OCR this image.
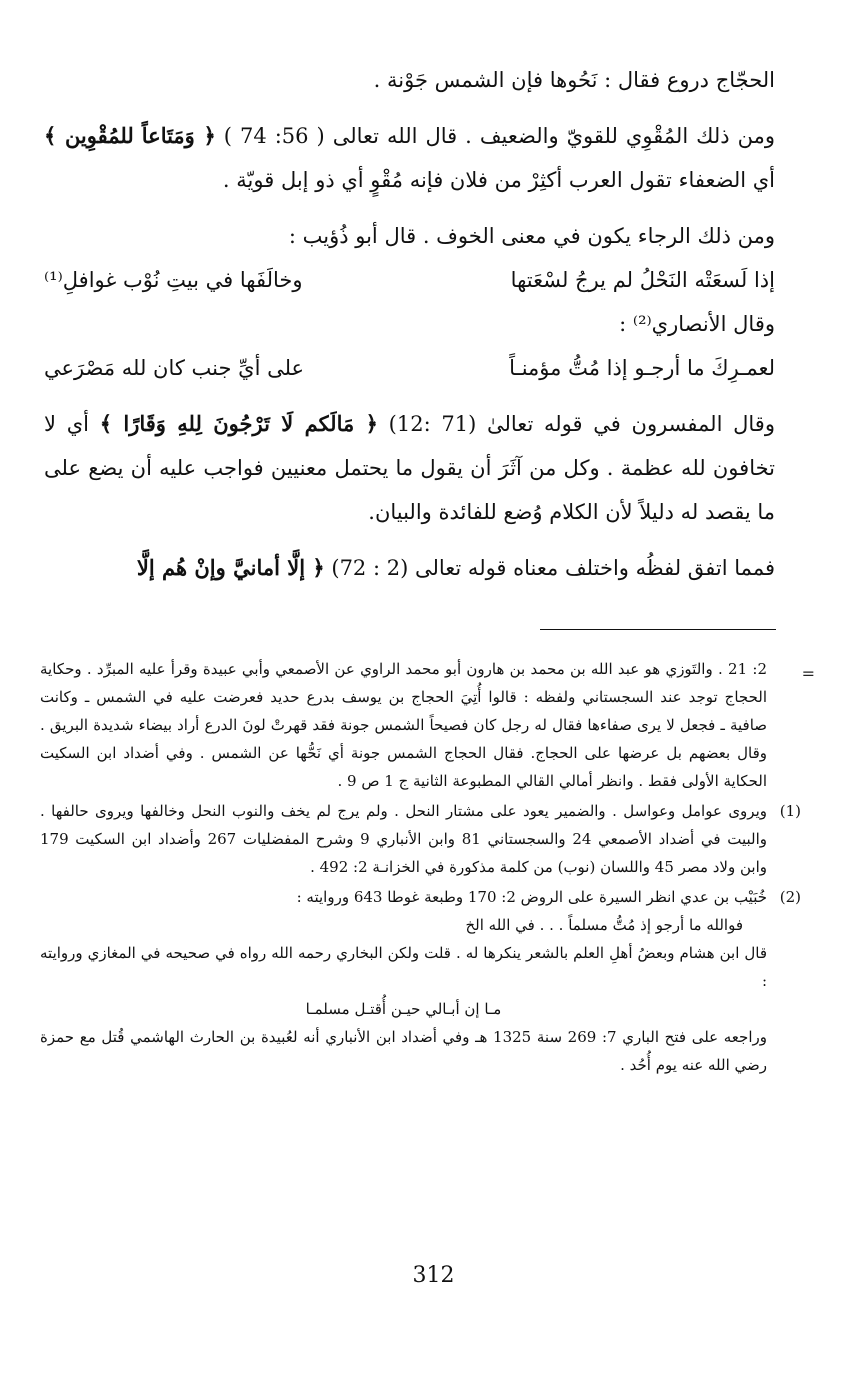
الحجّاج دروع فقال : نَحُوها فإن الشمس جَوْنة .

ومن ذلك المُقْوِي للقويّ والضعيف . قال الله تعالى ( 56: 74 ) ﴿ وَمَتَاعاً للمُقْوِين ﴾ أي الضعفاء تقول العرب أكثِرْ من فلان فإنه مُقْوٍ أي ذو إبل قويّة .

ومن ذلك الرجاء يكون في معنى الخوف . قال أبو ذُؤيب :
إذا لَسعَتْه النَحْلُ لم يرجُ لسْعَتها
وخالَفَها في بيتِ نُوْب غوافلِ⁽¹⁾
وقال الأنصاري⁽²⁾ :
لعمـرِكَ ما أرجـو إذا مُتُّ مؤمنـاً
على أيِّ جنب كان لله مَصْرَعي

وقال المفسرون في قوله تعالىٰ (71 :12) ﴿ مَالَكم لَا تَرْجُونَ لِلهِ وَقَارًا ﴾ أي لا تخافون لله عظمة . وكل من آثَرَ أن يقول ما يحتمل معنيين فواجب عليه أن يضع على ما يقصد له دليلاً لأن الكلام وُضع للفائدة والبيان.

فمما اتفق لفظُه واختلف معناه قوله تعالى (2 : 72) ﴿ إلَّا أمانيَّ وإنْ هُم إلَّا

=

2: 21 . والتَوزي هو عبد الله بن محمد بن هارون أبو محمد الراوي عن الأصمعي وأبي عبيدة وقرأ عليه المبرِّد . وحكاية الحجاج توجد عند السجستاني ولفظه : قالوا أُتِيَ الحجاج بن يوسف بدرع حديد فعرضت عليه في الشمس ـ وكانت صافية ـ فجعل لا يرى صفاءها فقال له رجل كان فصيحاً الشمس جونة فقد قهرتْ لونَ الدرع أراد بيضاء شديدة البريق . وقال بعضهم بل عرضها على الحجاج. فقال الحجاج الشمس جونة أي نَحُّها عن الشمس . وفي أضداد ابن السكيت الحكاية الأولى فقط . وانظر أمالي القالي المطبوعة الثانية ج 1 ص 9 .

(1)
ويروى عوامل وعواسل . والضمير يعود على مشتار النحل . ولم يرج لم يخف والنوب النحل وخالفها ويروى حالفها . والبيت في أضداد الأصمعي 24 والسجستاني 81 وابن الأنباري 9 وشرح المفضليات 267 وأضداد ابن السكيت 179 وابن ولاد مصر 45 واللسان (نوب) من كلمة مذكورة في الخزانـة 2: 492 .

(2)
خُبَيْب بن عدي انظر السيرة على الروض 2: 170 وطبعة غوطا 643 وروايته :
فوالله ما أرجو إذ مُتُّ مسلماً . . . في الله الخ
قال ابن هشام وبعضُ أهلِ العلم بالشعر ينكرها له . قلت ولكن البخاري رحمه الله رواه في صحيحه في المغازي وروايته :
مـا إن أبـالي حيـن أُقتـل مسلمـا
وراجعه على فتح الباري 7: 269 سنة 1325 هـ وفي أضداد ابن الأنباري أنه لعُبيدة بن الحارث الهاشمي قُتل مع حمزة رضي الله عنه يوم أُحُد .
312
